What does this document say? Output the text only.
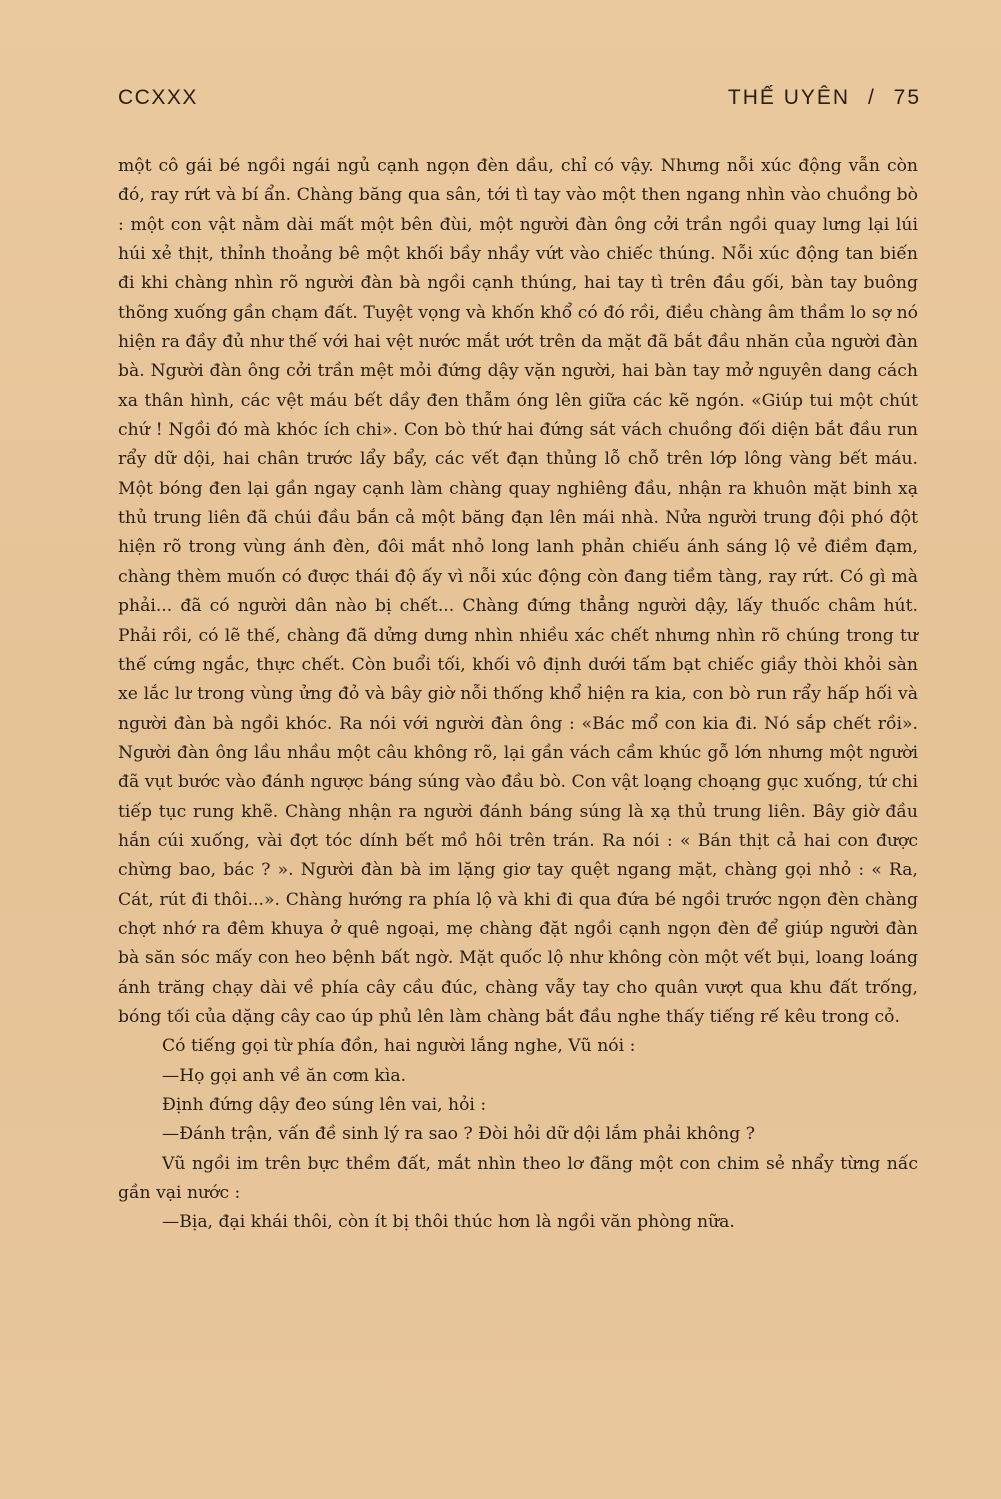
CCXXX	THẾ UYÊN / 75

một cô gái bé ngồi ngái ngủ cạnh ngọn đèn dầu, chỉ có vậy. Nhưng nỗi xúc động vẫn còn đó, ray rứt và bí ẩn. Chàng băng qua sân, tới tì tay vào một then ngang nhìn vào chuồng bò : một con vật nằm dài mất một bên đùi, một người đàn ông cởi trần ngồi quay lưng lại lúi húi xẻ thịt, thỉnh thoảng bê một khối bầy nhầy vứt vào chiếc thúng. Nỗi xúc động tan biến đi khi chàng nhìn rõ người đàn bà ngồi cạnh thúng, hai tay tì trên đầu gối, bàn tay buông thõng xuống gần chạm đất. Tuyệt vọng và khốn khổ có đó rồi, điều chàng âm thầm lo sợ nó hiện ra đầy đủ như thế với hai vệt nước mắt ướt trên da mặt đã bắt đầu nhăn của người đàn bà. Người đàn ông cởi trần mệt mỏi đứng dậy vặn người, hai bàn tay mở nguyên dang cách xa thân hình, các vệt máu bết dầy đen thẫm óng lên giữa các kẽ ngón. «Giúp tui một chút chứ ! Ngồi đó mà khóc ích chi». Con bò thứ hai đứng sát vách chuồng đối diện bắt đầu run rẩy dữ dội, hai chân trước lẩy bẩy, các vết đạn thủng lỗ chỗ trên lớp lông vàng bết máu. Một bóng đen lại gần ngay cạnh làm chàng quay nghiêng đầu, nhận ra khuôn mặt binh xạ thủ trung liên đã chúi đầu bắn cả một băng đạn lên mái nhà. Nửa người trung đội phó đột hiện rõ trong vùng ánh đèn, đôi mắt nhỏ long lanh phản chiếu ánh sáng lộ vẻ điềm đạm, chàng thèm muốn có được thái độ ấy vì nỗi xúc động còn đang tiềm tàng, ray rứt. Có gì mà phải... đã có người dân nào bị chết... Chàng đứng thẳng người dậy, lấy thuốc châm hút. Phải rồi, có lẽ thế, chàng đã dửng dưng nhìn nhiều xác chết nhưng nhìn rõ chúng trong tư thế cứng ngắc, thực chết. Còn buổi tối, khối vô định dưới tấm bạt chiếc giầy thòi khỏi sàn xe lắc lư trong vùng ửng đỏ và bây giờ nỗi thống khổ hiện ra kia, con bò run rẩy hấp hối và người đàn bà ngồi khóc. Ra nói với người đàn ông : «Bác mổ con kia đi. Nó sắp chết rồi». Người đàn ông lầu nhầu một câu không rõ, lại gần vách cầm khúc gỗ lớn nhưng một người đã vụt bước vào đánh ngược báng súng vào đầu bò. Con vật loạng choạng gục xuống, tứ chi tiếp tục rung khẽ. Chàng nhận ra người đánh báng súng là xạ thủ trung liên. Bây giờ đầu hắn cúi xuống, vài đợt tóc dính bết mồ hôi trên trán. Ra nói : « Bán thịt cả hai con được chừng bao, bác ? ». Người đàn bà im lặng giơ tay quệt ngang mặt, chàng gọi nhỏ : « Ra, Cát, rút đi thôi...». Chàng hướng ra phía lộ và khi đi qua đứa bé ngồi trước ngọn đèn chàng chợt nhớ ra đêm khuya ở quê ngoại, mẹ chàng đặt ngồi cạnh ngọn đèn để giúp người đàn bà săn sóc mấy con heo bệnh bất ngờ. Mặt quốc lộ như không còn một vết bụi, loang loáng ánh trăng chạy dài về phía cây cầu đúc, chàng vẫy tay cho quân vượt qua khu đất trống, bóng tối của dặng cây cao úp phủ lên làm chàng bắt đầu nghe thấy tiếng rế kêu trong cỏ.

Có tiếng gọi từ phía đồn, hai người lắng nghe, Vũ nói :

—Họ gọi anh về ăn cơm kìa.

Định đứng dậy đeo súng lên vai, hỏi :

—Đánh trận, vấn đề sinh lý ra sao ? Đòi hỏi dữ dội lắm phải không ?

Vũ ngồi im trên bực thềm đất, mắt nhìn theo lơ đãng một con chim sẻ nhẩy từng nấc gần vại nước :

—Bịa, đại khái thôi, còn ít bị thôi thúc hơn là ngồi văn phòng nữa.
